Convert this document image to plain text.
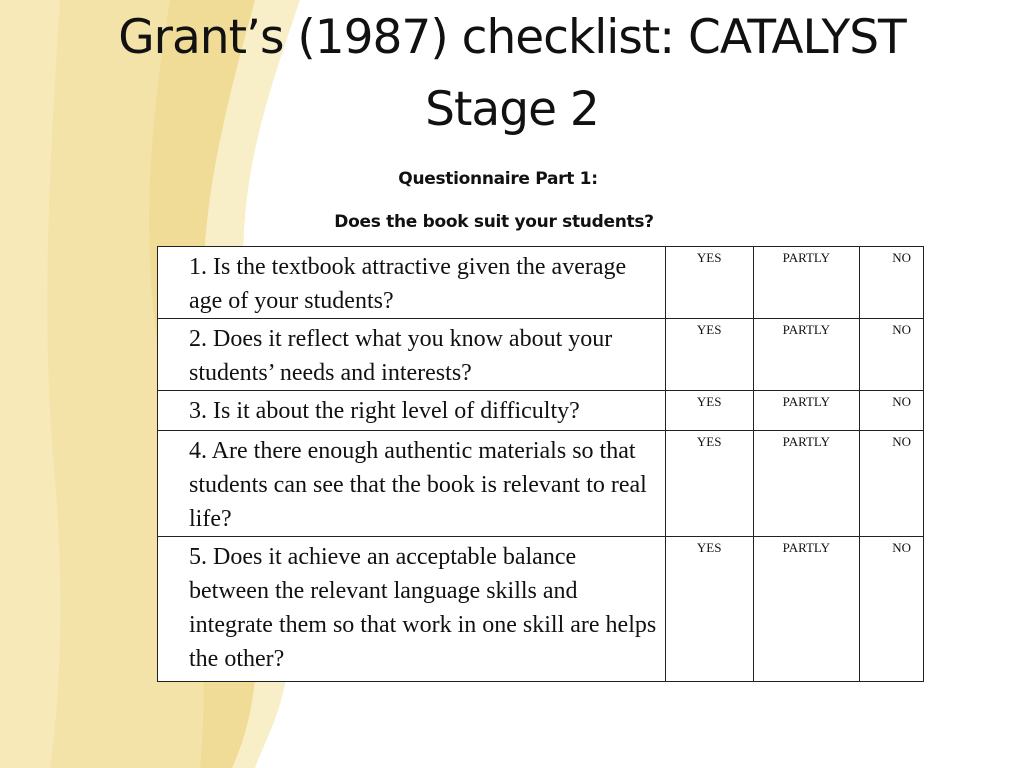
Grant’s (1987) checklist: CATALYST
Stage 2
Questionnaire Part 1:
Does the book suit your students?
1. Is the textbook attractive given the average age of your students?	YES	PARTLY	NO
2. Does it reflect what you know about your students’ needs and interests?	YES	PARTLY	NO
3. Is it about the right level of difficulty?	YES	PARTLY	NO
4. Are there enough authentic materials so that students can see that the book is relevant to real life?	YES	PARTLY	NO
5. Does it achieve an acceptable balance between the relevant language skills and integrate them so that work in one skill are helps the other?	YES	PARTLY	NO
